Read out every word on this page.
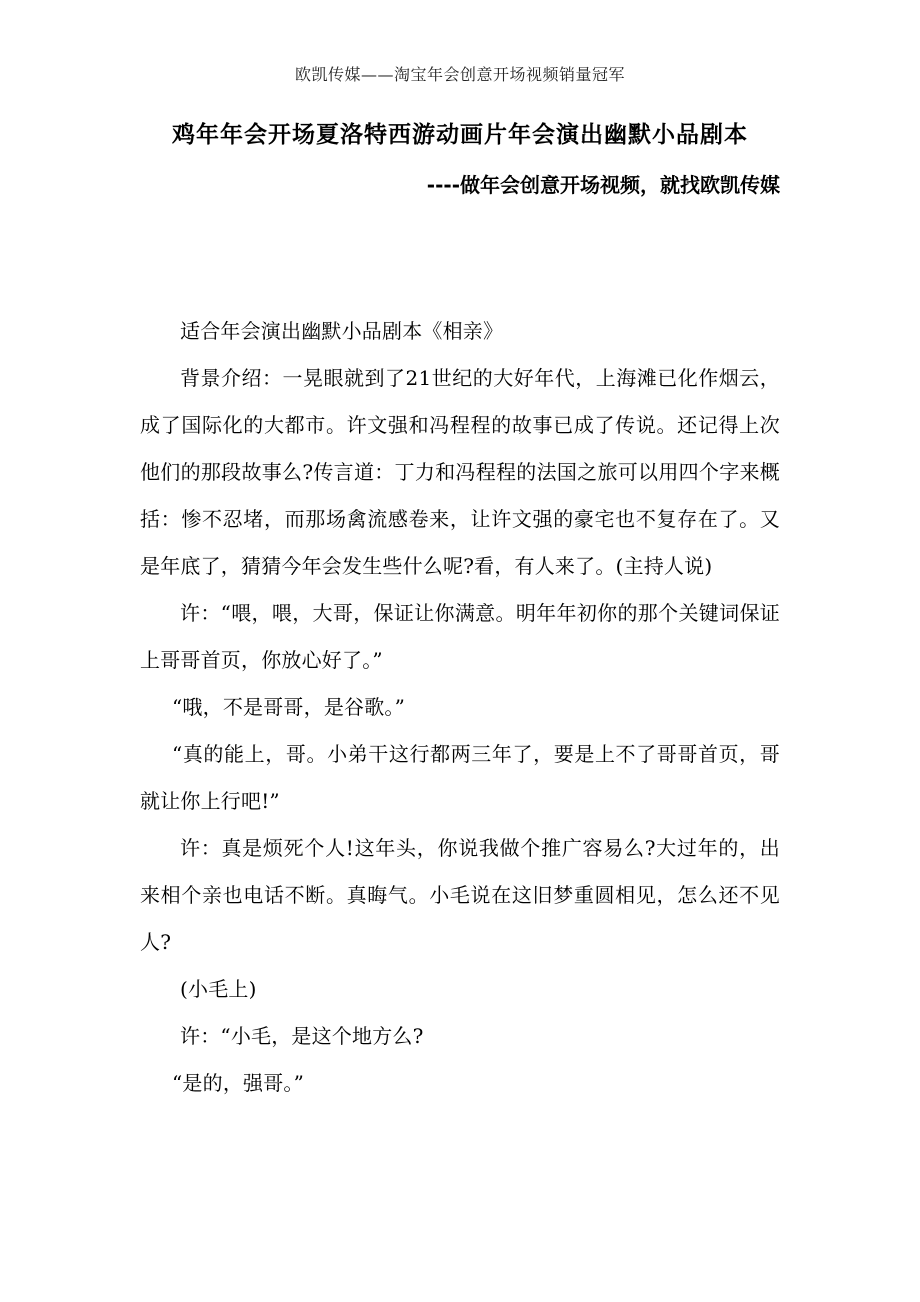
欧凯传媒——淘宝年会创意开场视频销量冠军
鸡年年会开场夏洛特西游动画片年会演出幽默小品剧本
----做年会创意开场视频，就找欧凯传媒

适合年会演出幽默小品剧本《相亲》

背景介绍：一晃眼就到了21世纪的大好年代，上海滩已化作烟云，成了国际化的大都市。许文强和冯程程的故事已成了传说。还记得上次他们的那段故事么?传言道：丁力和冯程程的法国之旅可以用四个字来概括：惨不忍堵，而那场禽流感卷来，让许文强的豪宅也不复存在了。又是年底了，猜猜今年会发生些什么呢?看，有人来了。(主持人说)

许：“喂，喂，大哥，保证让你满意。明年年初你的那个关键词保证上哥哥首页，你放心好了。”

“哦，不是哥哥，是谷歌。”

“真的能上，哥。小弟干这行都两三年了，要是上不了哥哥首页，哥就让你上行吧!”

许：真是烦死个人!这年头，你说我做个推广容易么?大过年的，出来相个亲也电话不断。真晦气。小毛说在这旧梦重圆相见，怎么还不见人?

(小毛上)

许：“小毛，是这个地方么?

“是的，强哥。”
